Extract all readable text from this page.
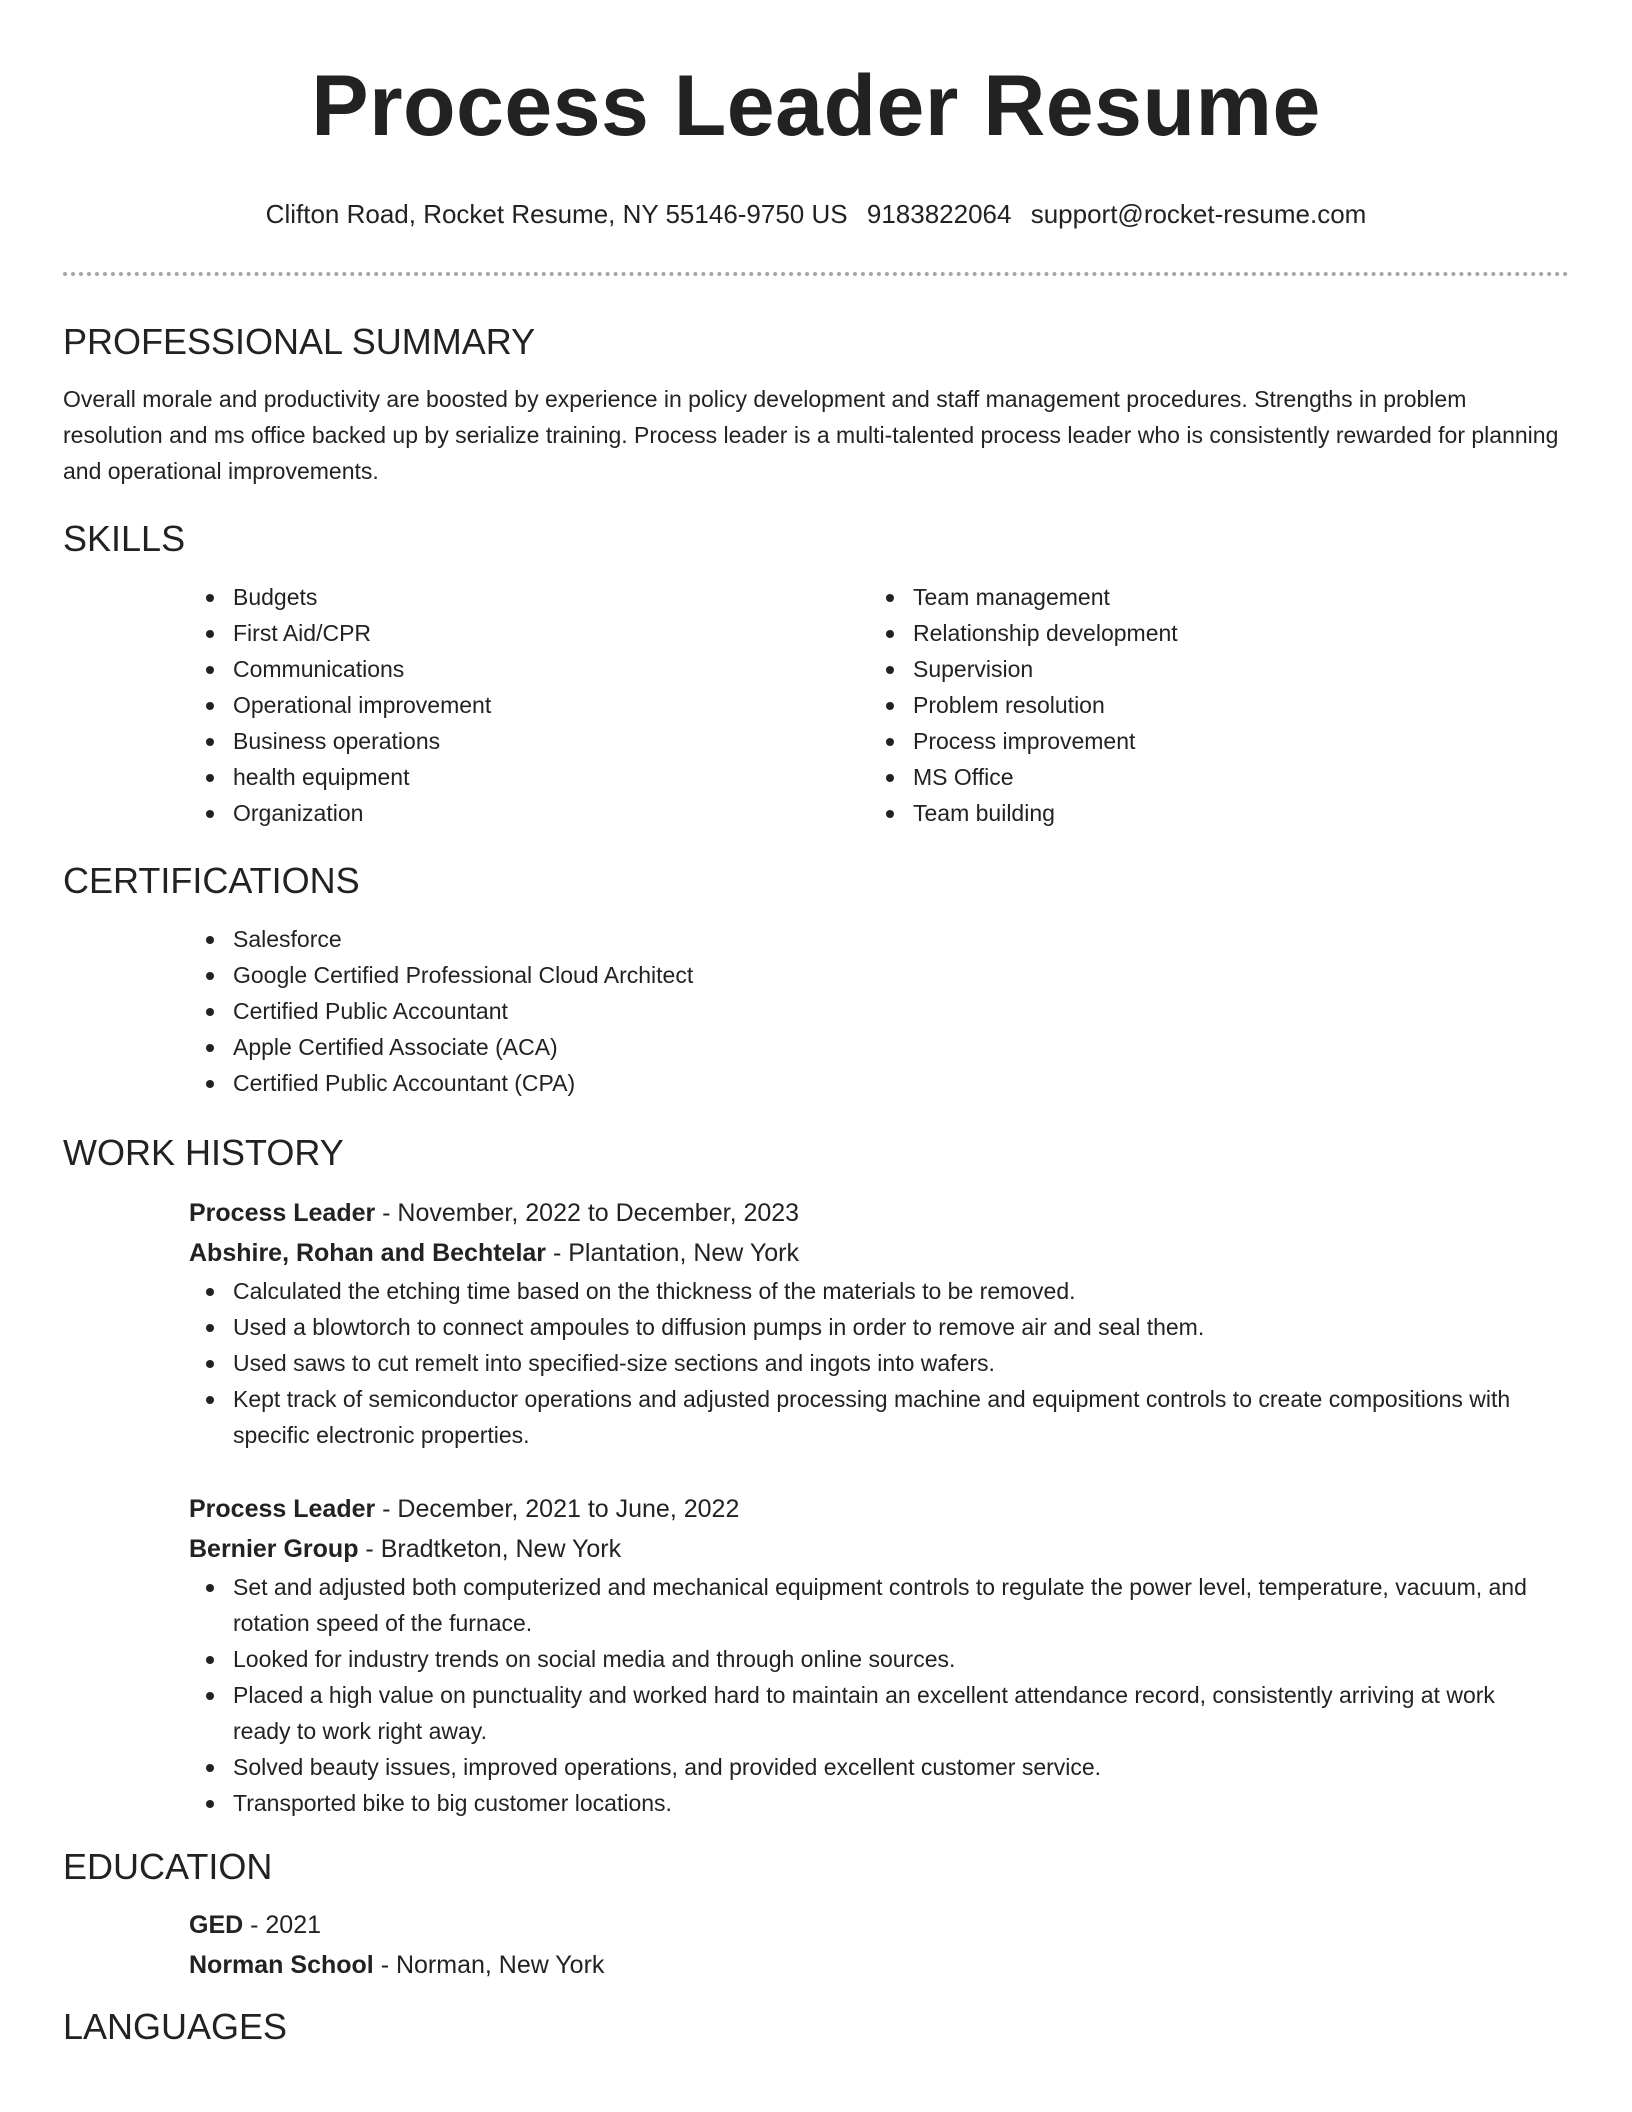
Process Leader Resume
Clifton Road, Rocket Resume, NY 55146-9750 US 9183822064 support@rocket-resume.com
PROFESSIONAL SUMMARY

Overall morale and productivity are boosted by experience in policy development and staff management procedures. Strengths in problem resolution and ms office backed up by serialize training. Process leader is a multi-talented process leader who is consistently rewarded for planning and operational improvements.

SKILLS
Budgets
First Aid/CPR
Communications
Operational improvement
Business operations
health equipment
Organization
Team management
Relationship development
Supervision
Problem resolution
Process improvement
MS Office
Team building
CERTIFICATIONS
Salesforce
Google Certified Professional Cloud Architect
Certified Public Accountant
Apple Certified Associate (ACA)
Certified Public Accountant (CPA)
WORK HISTORY
Process Leader - November, 2022 to December, 2023
Abshire, Rohan and Bechtelar - Plantation, New York
Calculated the etching time based on the thickness of the materials to be removed.
Used a blowtorch to connect ampoules to diffusion pumps in order to remove air and seal them.
Used saws to cut remelt into specified-size sections and ingots into wafers.
Kept track of semiconductor operations and adjusted processing machine and equipment controls to create compositions with specific electronic properties.
Process Leader - December, 2021 to June, 2022
Bernier Group - Bradtketon, New York
Set and adjusted both computerized and mechanical equipment controls to regulate the power level, temperature, vacuum, and rotation speed of the furnace.
Looked for industry trends on social media and through online sources.
Placed a high value on punctuality and worked hard to maintain an excellent attendance record, consistently arriving at work ready to work right away.
Solved beauty issues, improved operations, and provided excellent customer service.
Transported bike to big customer locations.
EDUCATION
GED - 2021
Norman School - Norman, New York
LANGUAGES
